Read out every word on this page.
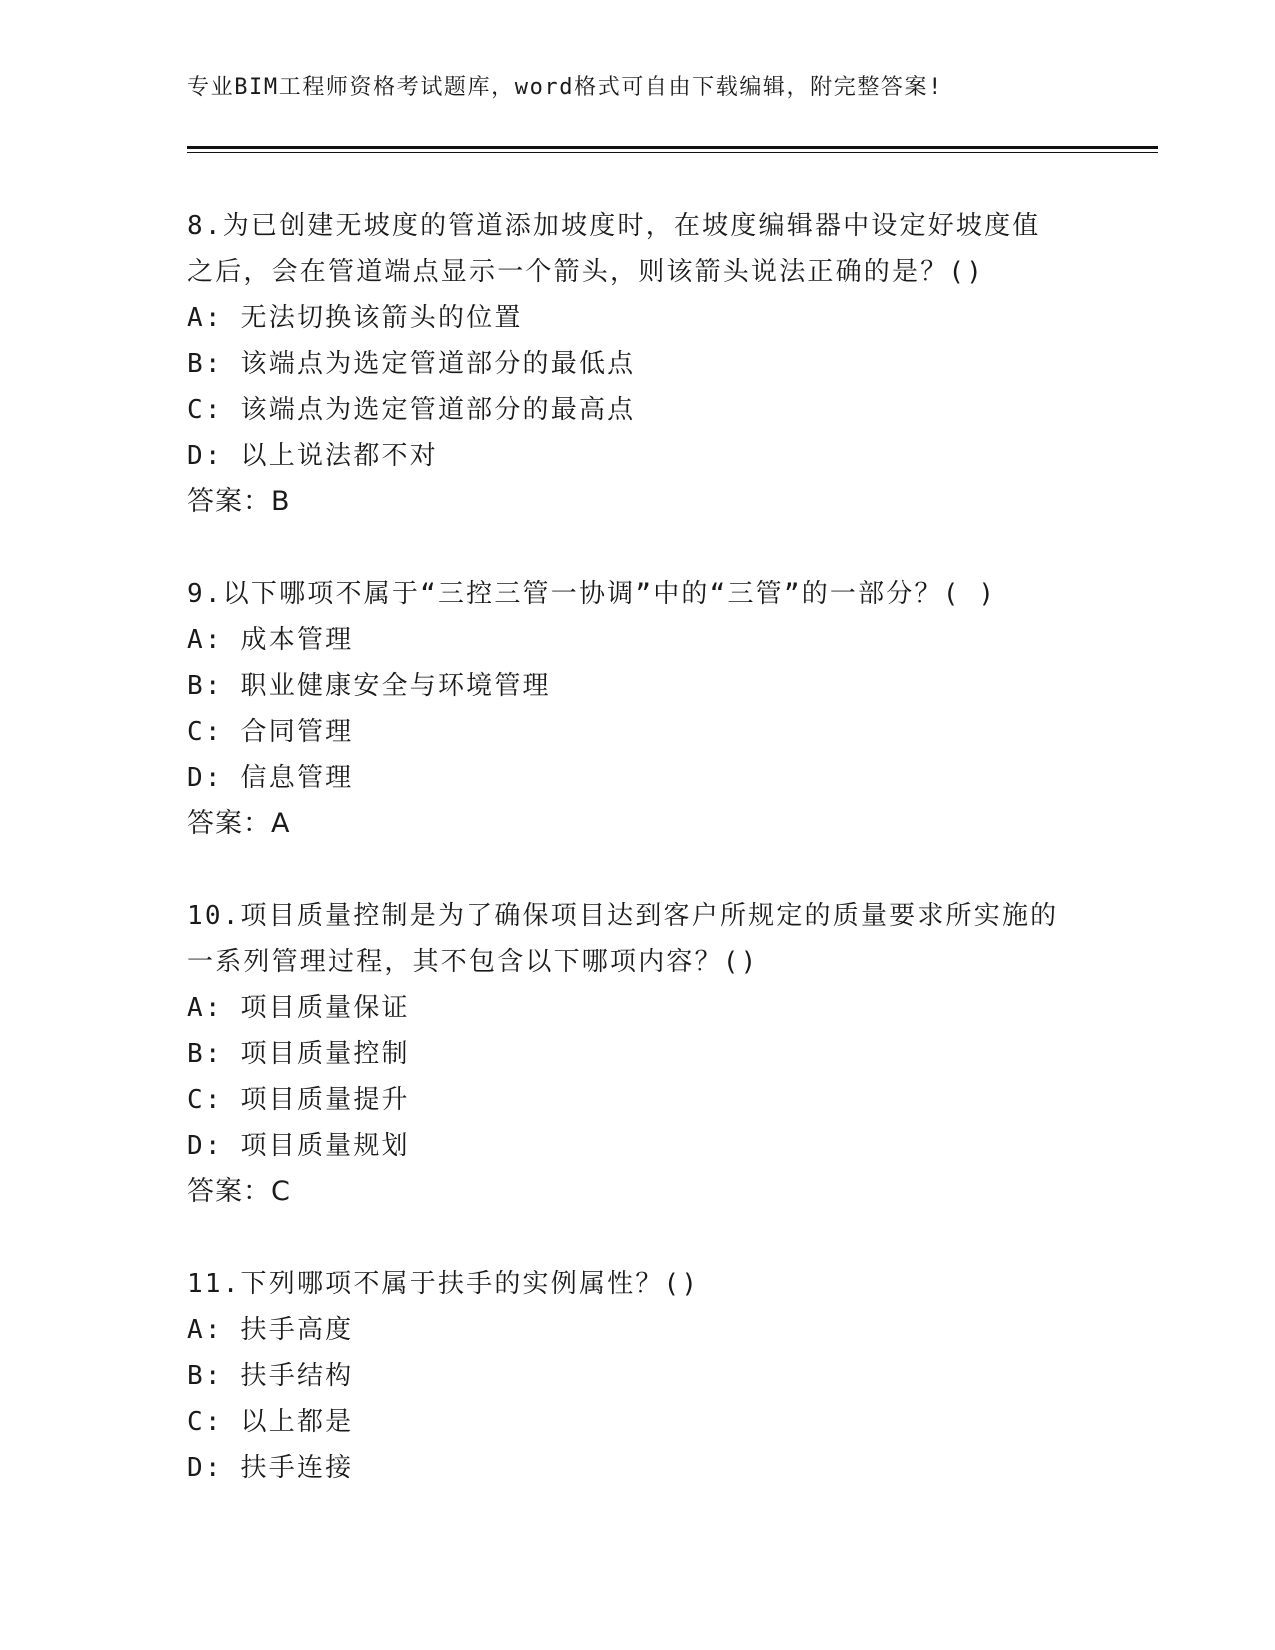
专业BIM工程师资格考试题库，word格式可自由下载编辑，附完整答案!
8.为已创建无坡度的管道添加坡度时，在坡度编辑器中设定好坡度值
之后，会在管道端点显示一个箭头，则该箭头说法正确的是？()
A: 无法切换该箭头的位置
B: 该端点为选定管道部分的最低点
C: 该端点为选定管道部分的最高点
D: 以上说法都不对
答案：B
9.以下哪项不属于“三控三管一协调”中的“三管”的一部分？( )
A: 成本管理
B: 职业健康安全与环境管理
C: 合同管理
D: 信息管理
答案：A
10.项目质量控制是为了确保项目达到客户所规定的质量要求所实施的
一系列管理过程，其不包含以下哪项内容？()
A: 项目质量保证
B: 项目质量控制
C: 项目质量提升
D: 项目质量规划
答案：C
11.下列哪项不属于扶手的实例属性？()
A: 扶手高度
B: 扶手结构
C: 以上都是
D: 扶手连接
